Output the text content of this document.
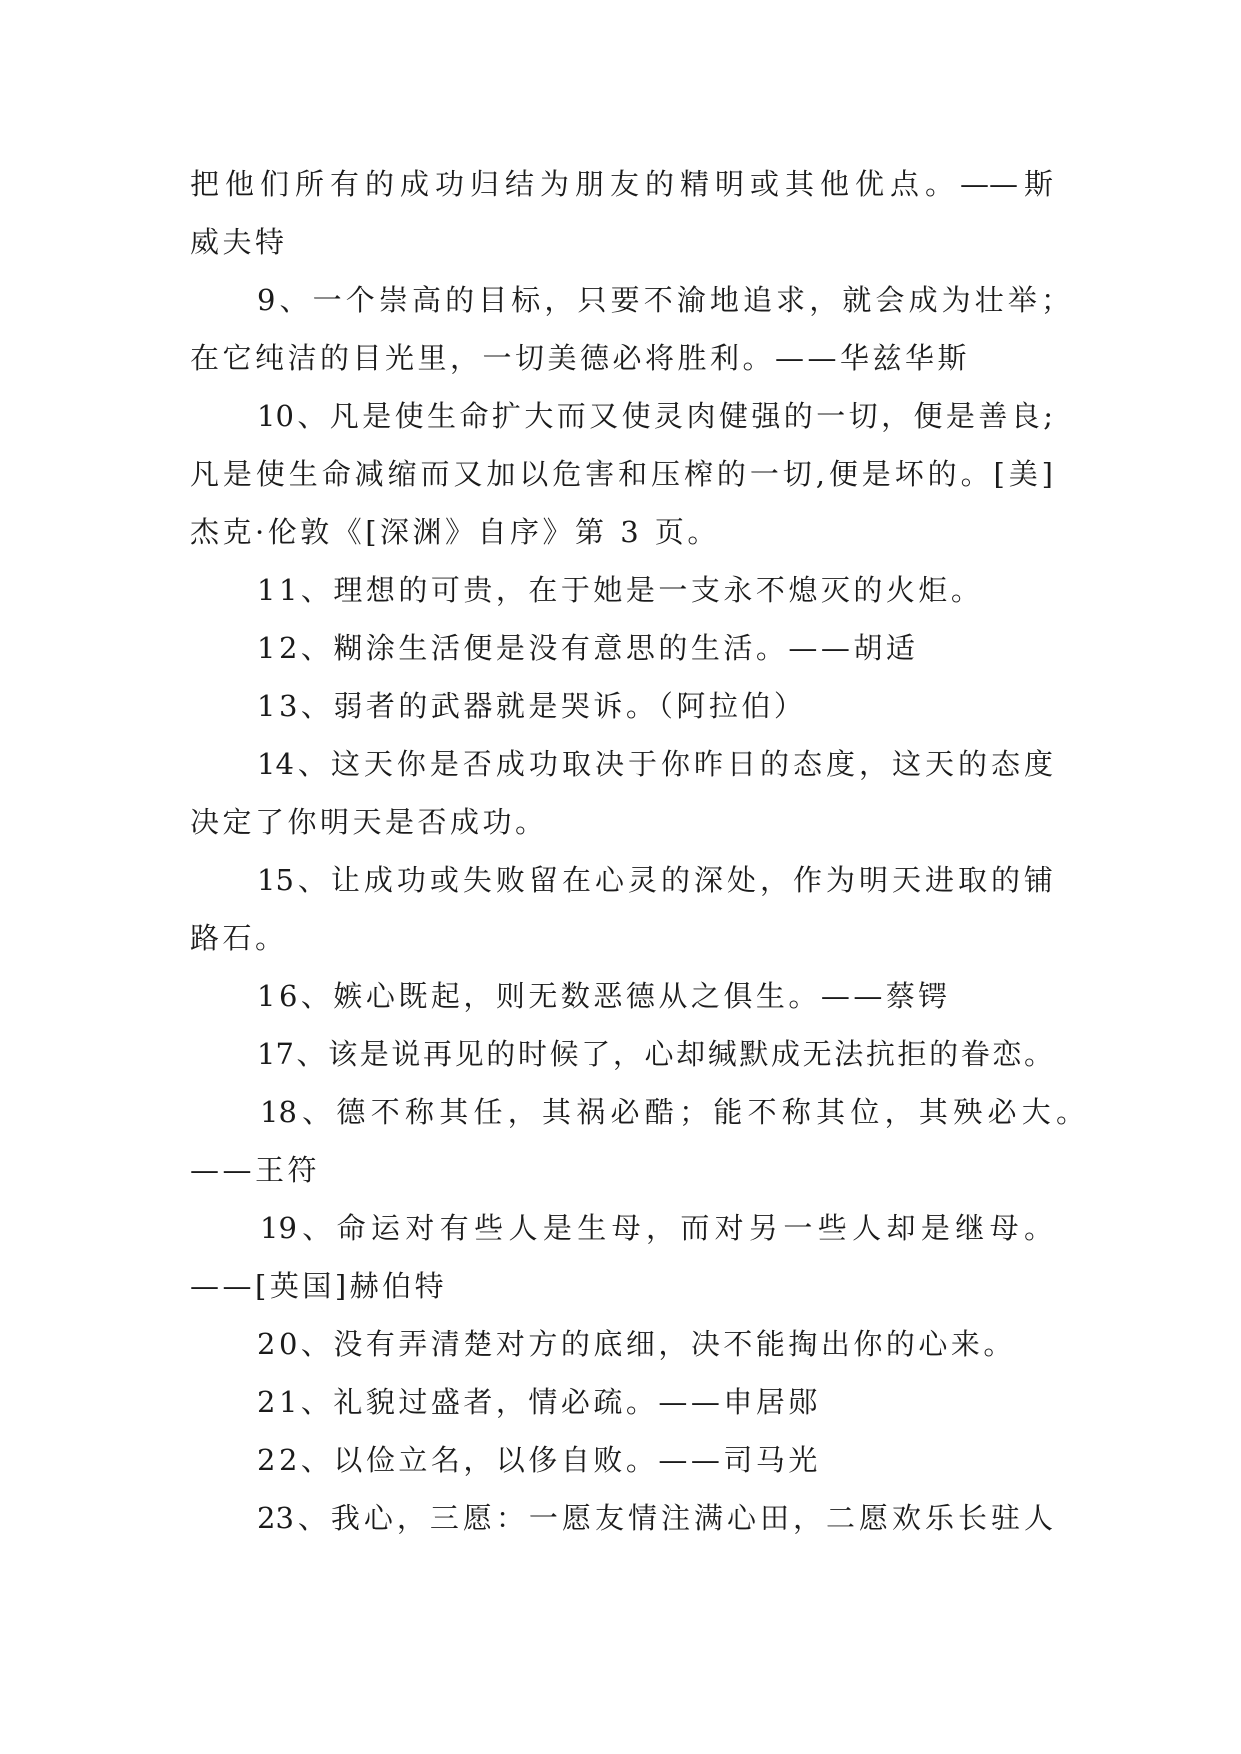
把他们所有的成功归结为朋友的精明或其他优点。——斯
威夫特
9、一个崇高的目标，只要不渝地追求，就会成为壮举；
在它纯洁的目光里，一切美德必将胜利。——华兹华斯
10、凡是使生命扩大而又使灵肉健强的一切，便是善良;
凡是使生命减缩而又加以危害和压榨的一切,便是坏的。[美]
杰克·伦敦《[深渊》自序》第 3 页。
11、理想的可贵，在于她是一支永不熄灭的火炬。
12、糊涂生活便是没有意思的生活。——胡适
13、弱者的武器就是哭诉。（阿拉伯）
14、这天你是否成功取决于你昨日的态度，这天的态度
决定了你明天是否成功。
15、让成功或失败留在心灵的深处，作为明天进取的铺
路石。
16、嫉心既起，则无数恶德从之俱生。——蔡锷
17、该是说再见的时候了，心却缄默成无法抗拒的眷恋。
18、德不称其任，其祸必酷；能不称其位，其殃必大。
——王符
19、命运对有些人是生母，而对另一些人却是继母。
——[英国]赫伯特
20、没有弄清楚对方的底细，决不能掏出你的心来。
21、礼貌过盛者，情必疏。——申居郧
22、以俭立名，以侈自败。——司马光
23、我心，三愿：一愿友情注满心田，二愿欢乐长驻人
